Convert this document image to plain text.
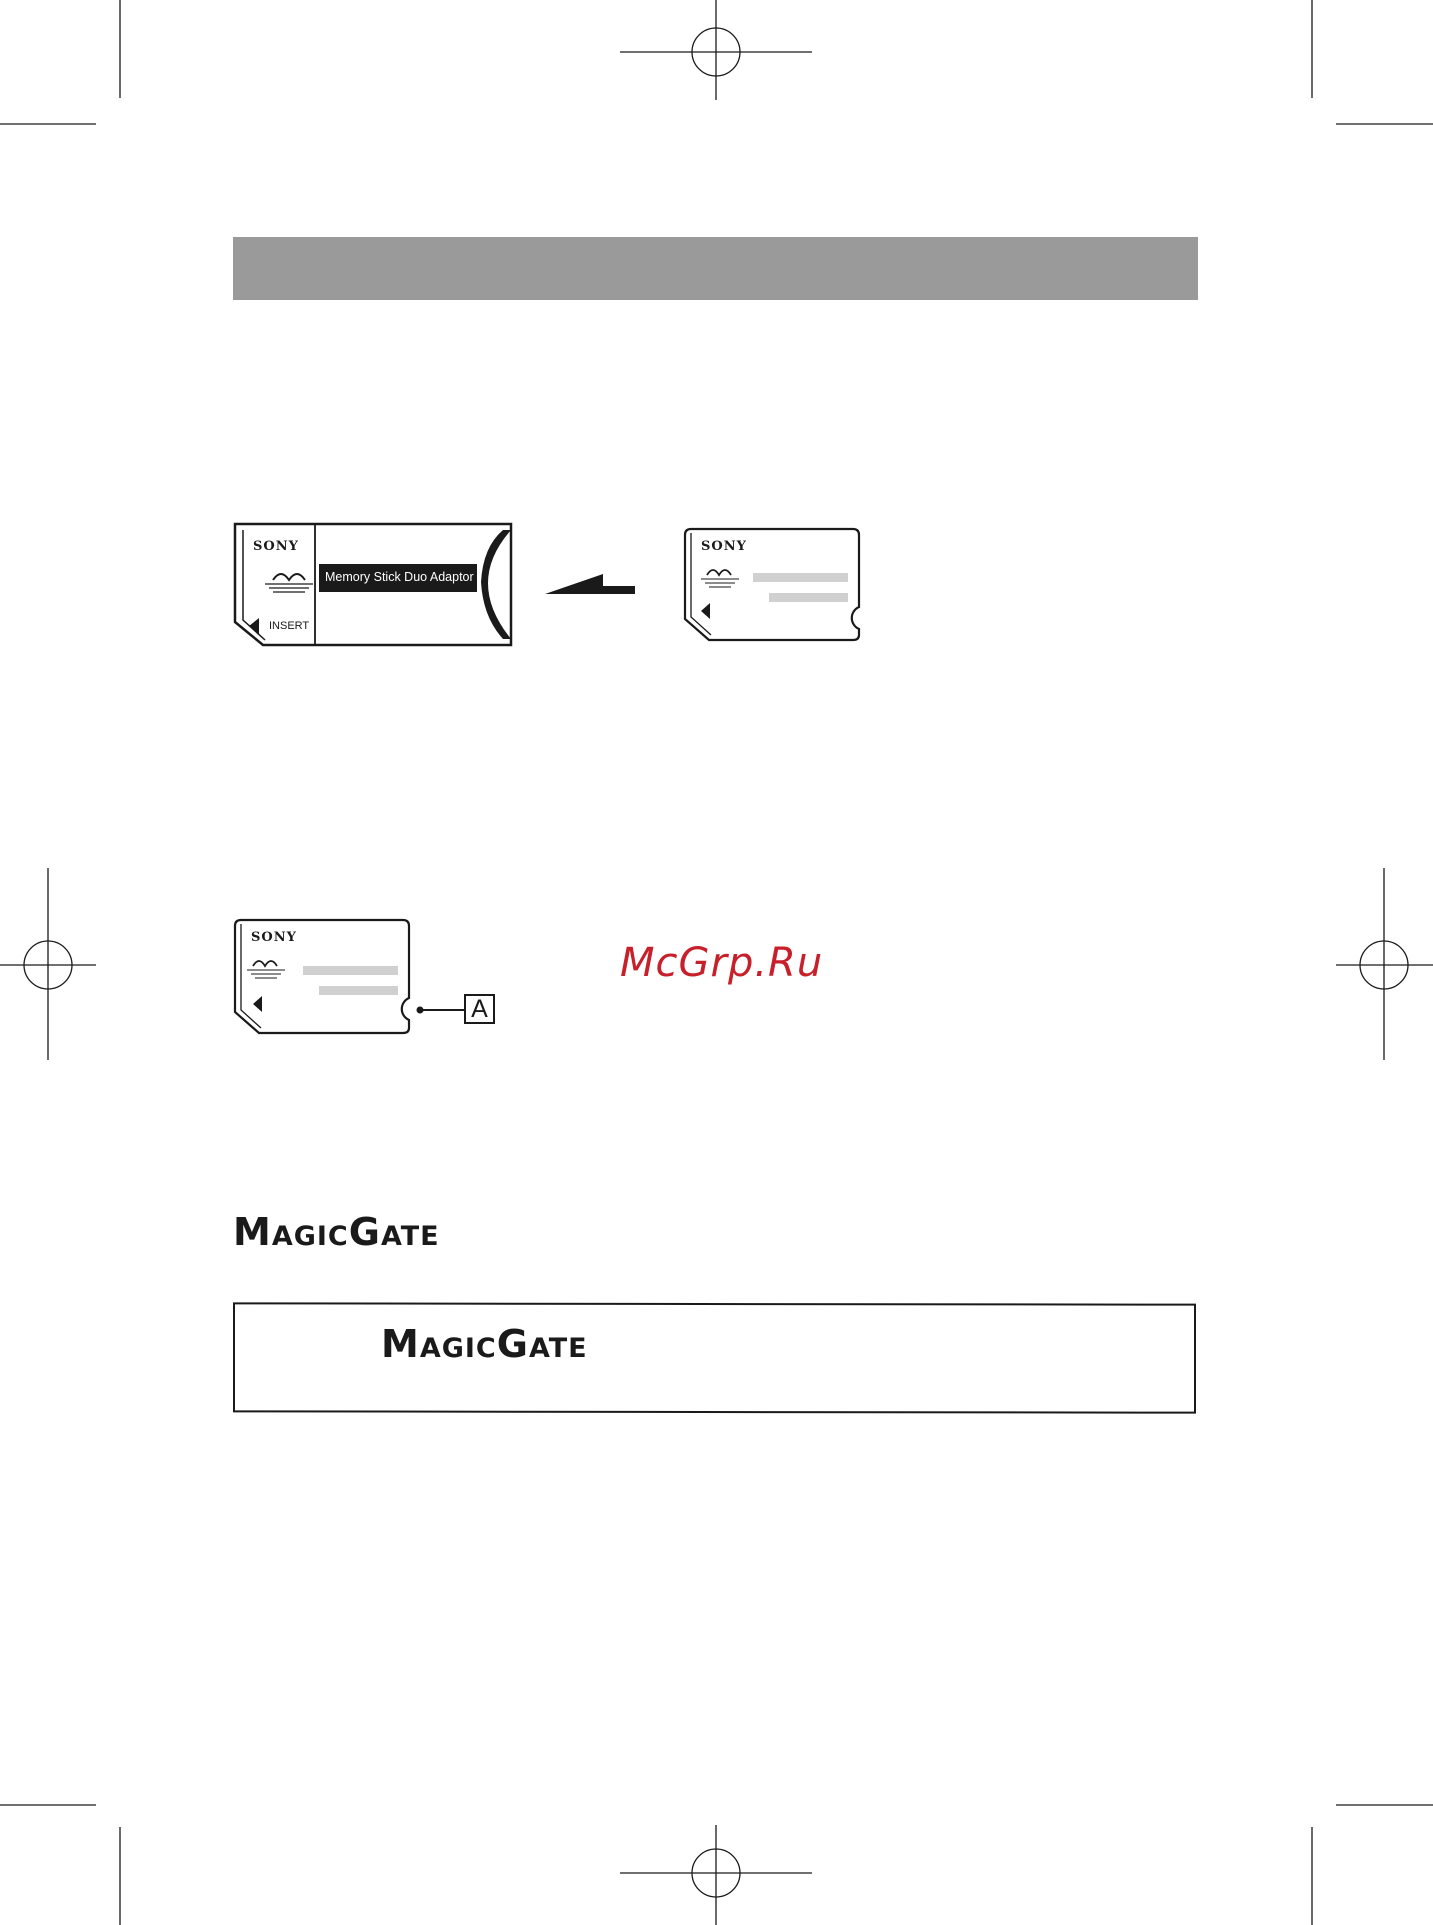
SONY
Memory Stick Duo Adaptor
INSERT
SONY
McGrp.Ru
SONY
A
MAGICGATE
MAGICGATE
